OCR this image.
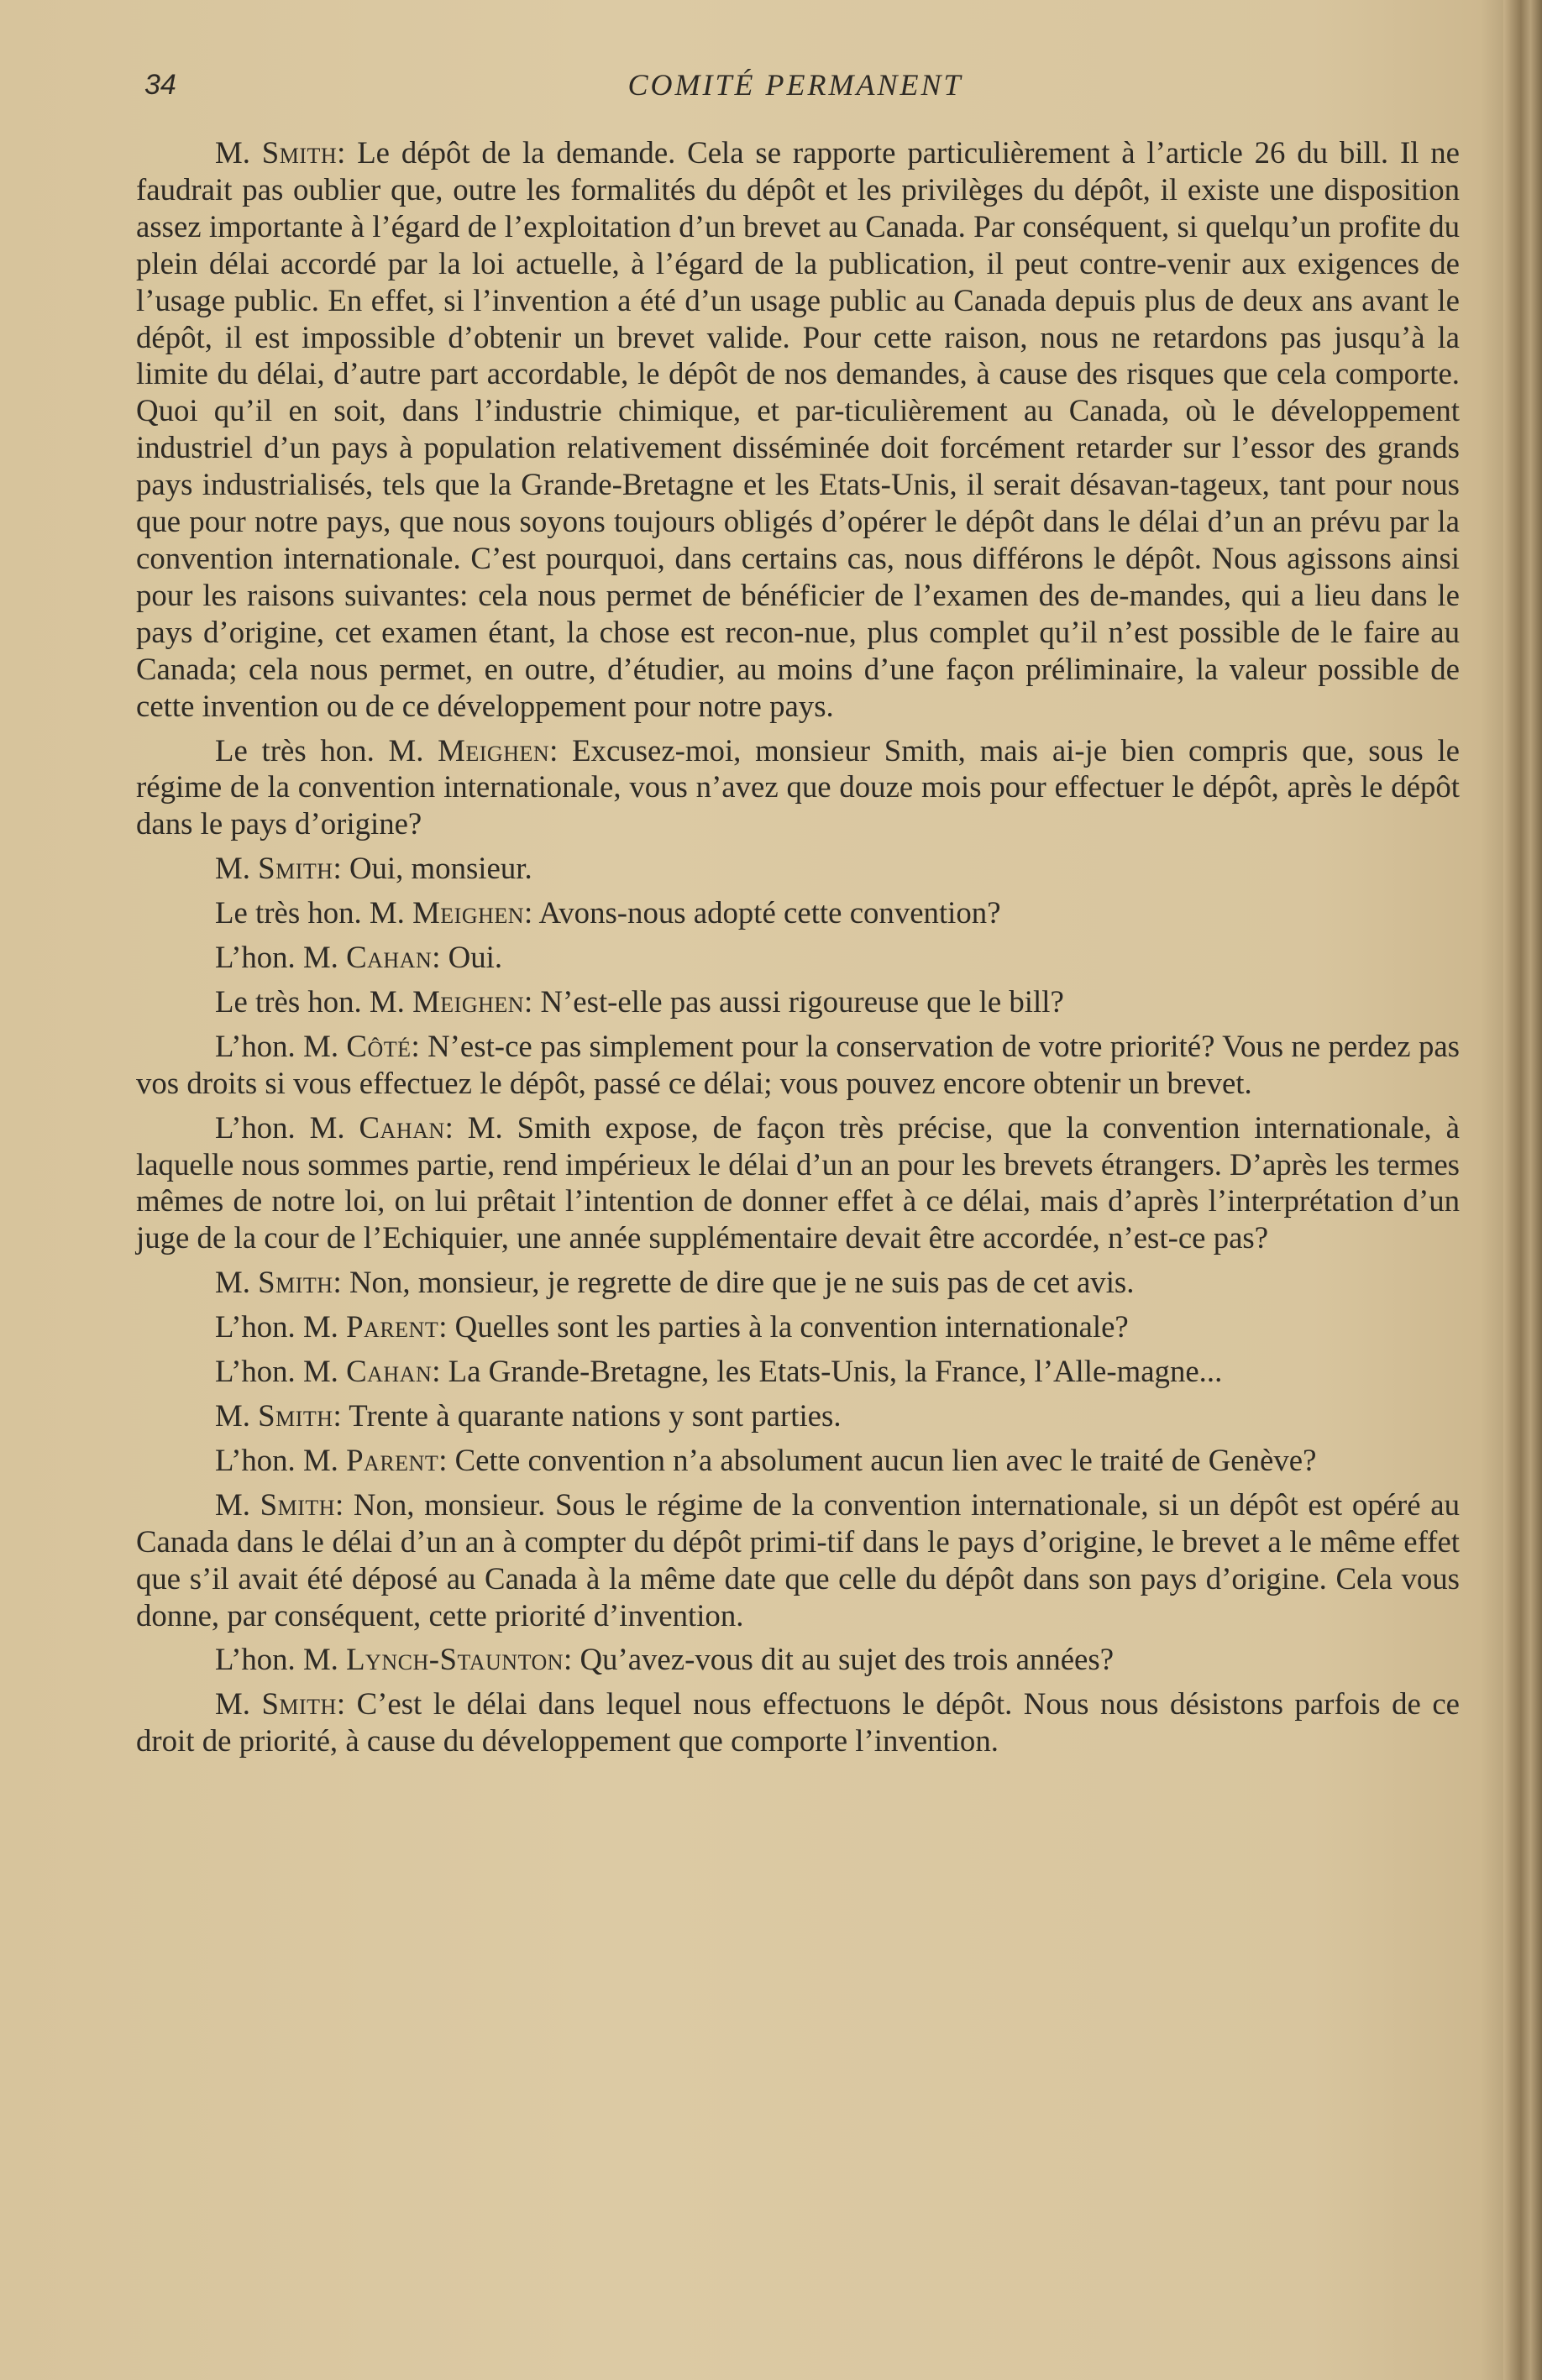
34	COMITÉ PERMANENT

M. Smith: Le dépôt de la demande. Cela se rapporte particulièrement à l’article 26 du bill. Il ne faudrait pas oublier que, outre les formalités du dépôt et les privilèges du dépôt, il existe une disposition assez importante à l’égard de l’exploitation d’un brevet au Canada. Par conséquent, si quelqu’un profite du plein délai accordé par la loi actuelle, à l’égard de la publication, il peut contre-venir aux exigences de l’usage public. En effet, si l’invention a été d’un usage public au Canada depuis plus de deux ans avant le dépôt, il est impossible d’obtenir un brevet valide. Pour cette raison, nous ne retardons pas jusqu’à la limite du délai, d’autre part accordable, le dépôt de nos demandes, à cause des risques que cela comporte. Quoi qu’il en soit, dans l’industrie chimique, et par-ticulièrement au Canada, où le développement industriel d’un pays à population relativement disséminée doit forcément retarder sur l’essor des grands pays industrialisés, tels que la Grande-Bretagne et les Etats-Unis, il serait désavan-tageux, tant pour nous que pour notre pays, que nous soyons toujours obligés d’opérer le dépôt dans le délai d’un an prévu par la convention internationale. C’est pourquoi, dans certains cas, nous différons le dépôt. Nous agissons ainsi pour les raisons suivantes: cela nous permet de bénéficier de l’examen des de-mandes, qui a lieu dans le pays d’origine, cet examen étant, la chose est recon-nue, plus complet qu’il n’est possible de le faire au Canada; cela nous permet, en outre, d’étudier, au moins d’une façon préliminaire, la valeur possible de cette invention ou de ce développement pour notre pays.

Le très hon. M. Meighen: Excusez-moi, monsieur Smith, mais ai-je bien compris que, sous le régime de la convention internationale, vous n’avez que douze mois pour effectuer le dépôt, après le dépôt dans le pays d’origine?

M. Smith: Oui, monsieur.

Le très hon. M. Meighen: Avons-nous adopté cette convention?

L’hon. M. Cahan: Oui.

Le très hon. M. Meighen: N’est-elle pas aussi rigoureuse que le bill?

L’hon. M. Côté: N’est-ce pas simplement pour la conservation de votre priorité? Vous ne perdez pas vos droits si vous effectuez le dépôt, passé ce délai; vous pouvez encore obtenir un brevet.

L’hon. M. Cahan: M. Smith expose, de façon très précise, que la convention internationale, à laquelle nous sommes partie, rend impérieux le délai d’un an pour les brevets étrangers. D’après les termes mêmes de notre loi, on lui prêtait l’intention de donner effet à ce délai, mais d’après l’interprétation d’un juge de la cour de l’Echiquier, une année supplémentaire devait être accordée, n’est-ce pas?

M. Smith: Non, monsieur, je regrette de dire que je ne suis pas de cet avis.

L’hon. M. Parent: Quelles sont les parties à la convention internationale?

L’hon. M. Cahan: La Grande-Bretagne, les Etats-Unis, la France, l’Alle-magne...

M. Smith: Trente à quarante nations y sont parties.

L’hon. M. Parent: Cette convention n’a absolument aucun lien avec le traité de Genève?

M. Smith: Non, monsieur. Sous le régime de la convention internationale, si un dépôt est opéré au Canada dans le délai d’un an à compter du dépôt primi-tif dans le pays d’origine, le brevet a le même effet que s’il avait été déposé au Canada à la même date que celle du dépôt dans son pays d’origine. Cela vous donne, par conséquent, cette priorité d’invention.

L’hon. M. Lynch-Staunton: Qu’avez-vous dit au sujet des trois années?

M. Smith: C’est le délai dans lequel nous effectuons le dépôt. Nous nous désistons parfois de ce droit de priorité, à cause du développement que comporte l’invention.
